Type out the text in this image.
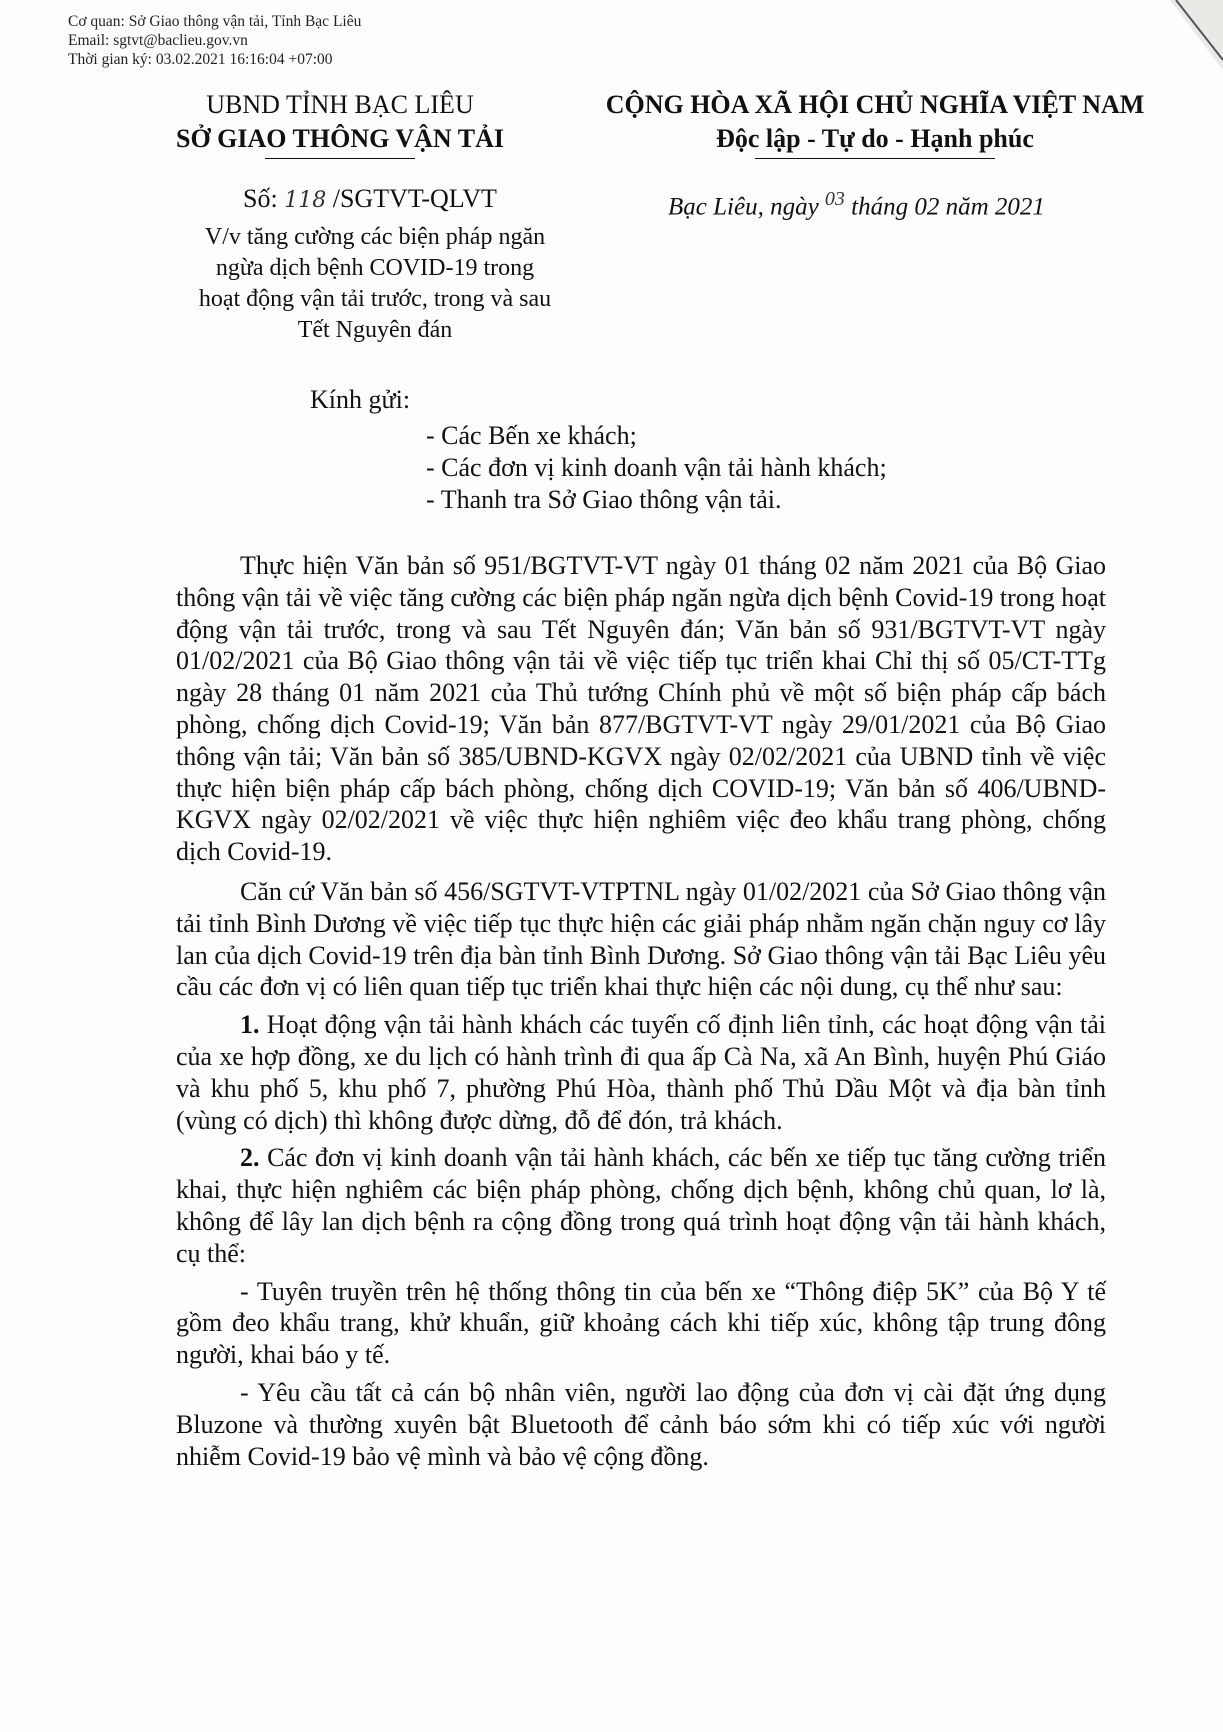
Cơ quan: Sở Giao thông vận tải, Tỉnh Bạc Liêu
Email: sgtvt@baclieu.gov.vn
Thời gian ký: 03.02.2021 16:16:04 +07:00
UBND TỈNH BẠC LIÊU
SỞ GIAO THÔNG VẬN TẢI
CỘNG HÒA XÃ HỘI CHỦ NGHĨA VIỆT NAM
Độc lập - Tự do - Hạnh phúc
Số: 118 /SGTVT-QLVT	Bạc Liêu, ngày $^{03}$ tháng 02 năm 2021
V/v tăng cường các biện pháp ngăn
ngừa dịch bệnh COVID-19 trong
hoạt động vận tải trước, trong và sau
Tết Nguyên đán
Kính gửi:
- Các Bến xe khách;
- Các đơn vị kinh doanh vận tải hành khách;
- Thanh tra Sở Giao thông vận tải.

Thực hiện Văn bản số 951/BGTVT-VT ngày 01 tháng 02 năm 2021 của Bộ Giao thông vận tải về việc tăng cường các biện pháp ngăn ngừa dịch bệnh Covid-19 trong hoạt động vận tải trước, trong và sau Tết Nguyên đán; Văn bản số 931/BGTVT-VT ngày 01/02/2021 của Bộ Giao thông vận tải về việc tiếp tục triển khai Chỉ thị số 05/CT-TTg ngày 28 tháng 01 năm 2021 của Thủ tướng Chính phủ về một số biện pháp cấp bách phòng, chống dịch Covid-19; Văn bản 877/BGTVT-VT ngày 29/01/2021 của Bộ Giao thông vận tải; Văn bản số 385/UBND-KGVX ngày 02/02/2021 của UBND tỉnh về việc thực hiện biện pháp cấp bách phòng, chống dịch COVID-19; Văn bản số 406/UBND-KGVX ngày 02/02/2021 về việc thực hiện nghiêm việc đeo khẩu trang phòng, chống dịch Covid-19.

Căn cứ Văn bản số 456/SGTVT-VTPTNL ngày 01/02/2021 của Sở Giao thông vận tải tỉnh Bình Dương về việc tiếp tục thực hiện các giải pháp nhằm ngăn chặn nguy cơ lây lan của dịch Covid-19 trên địa bàn tỉnh Bình Dương. Sở Giao thông vận tải Bạc Liêu yêu cầu các đơn vị có liên quan tiếp tục triển khai thực hiện các nội dung, cụ thể như sau:

1. Hoạt động vận tải hành khách các tuyến cố định liên tỉnh, các hoạt động vận tải của xe hợp đồng, xe du lịch có hành trình đi qua ấp Cà Na, xã An Bình, huyện Phú Giáo và khu phố 5, khu phố 7, phường Phú Hòa, thành phố Thủ Dầu Một và địa bàn tỉnh (vùng có dịch) thì không được dừng, đỗ để đón, trả khách.

2. Các đơn vị kinh doanh vận tải hành khách, các bến xe tiếp tục tăng cường triển khai, thực hiện nghiêm các biện pháp phòng, chống dịch bệnh, không chủ quan, lơ là, không để lây lan dịch bệnh ra cộng đồng trong quá trình hoạt động vận tải hành khách, cụ thể:

- Tuyên truyền trên hệ thống thông tin của bến xe “Thông điệp 5K” của Bộ Y tế gồm đeo khẩu trang, khử khuẩn, giữ khoảng cách khi tiếp xúc, không tập trung đông người, khai báo y tế.

- Yêu cầu tất cả cán bộ nhân viên, người lao động của đơn vị cài đặt ứng dụng Bluzone và thường xuyên bật Bluetooth để cảnh báo sớm khi có tiếp xúc với người nhiễm Covid-19 bảo vệ mình và bảo vệ cộng đồng.
